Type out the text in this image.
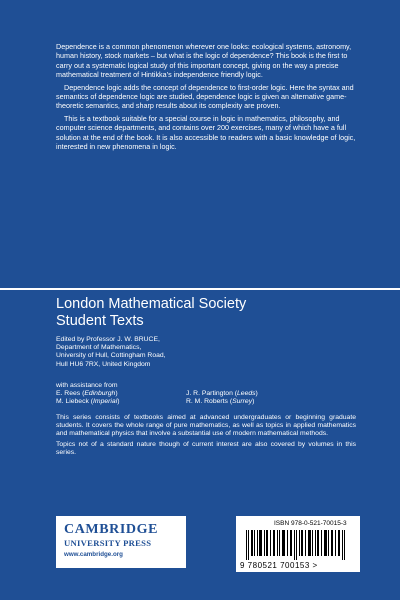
Dependence is a common phenomenon wherever one looks: ecological systems, astronomy, human history, stock markets – but what is the logic of dependence? This book is the first to carry out a systematic logical study of this important concept, giving on the way a precise mathematical treatment of Hintikka’s independence friendly logic.

Dependence logic adds the concept of dependence to first-order logic. Here the syntax and semantics of dependence logic are studied, dependence logic is given an alternative game-theoretic semantics, and sharp results about its complexity are proven.

This is a textbook suitable for a special course in logic in mathematics, philosophy, and computer science departments, and contains over 200 exercises, many of which have a full solution at the end of the book. It is also accessible to readers with a basic knowledge of logic, interested in new phenomena in logic.

London Mathematical Society
Student Texts
Edited by Professor J. W. BRUCE,
Department of Mathematics,
University of Hull, Cottingham Road,
Hull HU6 7RX, United Kingdom
with assistance from
E. Rees (Edinburgh)	J. R. Partington (Leeds)
M. Liebeck (Imperial)	R. M. Roberts (Surrey)

This series consists of textbooks aimed at advanced undergraduates or beginning graduate students. It covers the whole range of pure mathematics, as well as topics in applied mathematics and mathematical physics that involve a substantial use of modern mathematical methods.

Topics not of a standard nature though of current interest are also covered by volumes in this series.

CAMBRIDGE
UNIVERSITY PRESS
www.cambridge.org
ISBN 978-0-521-70015-3
9 780521 700153 >
